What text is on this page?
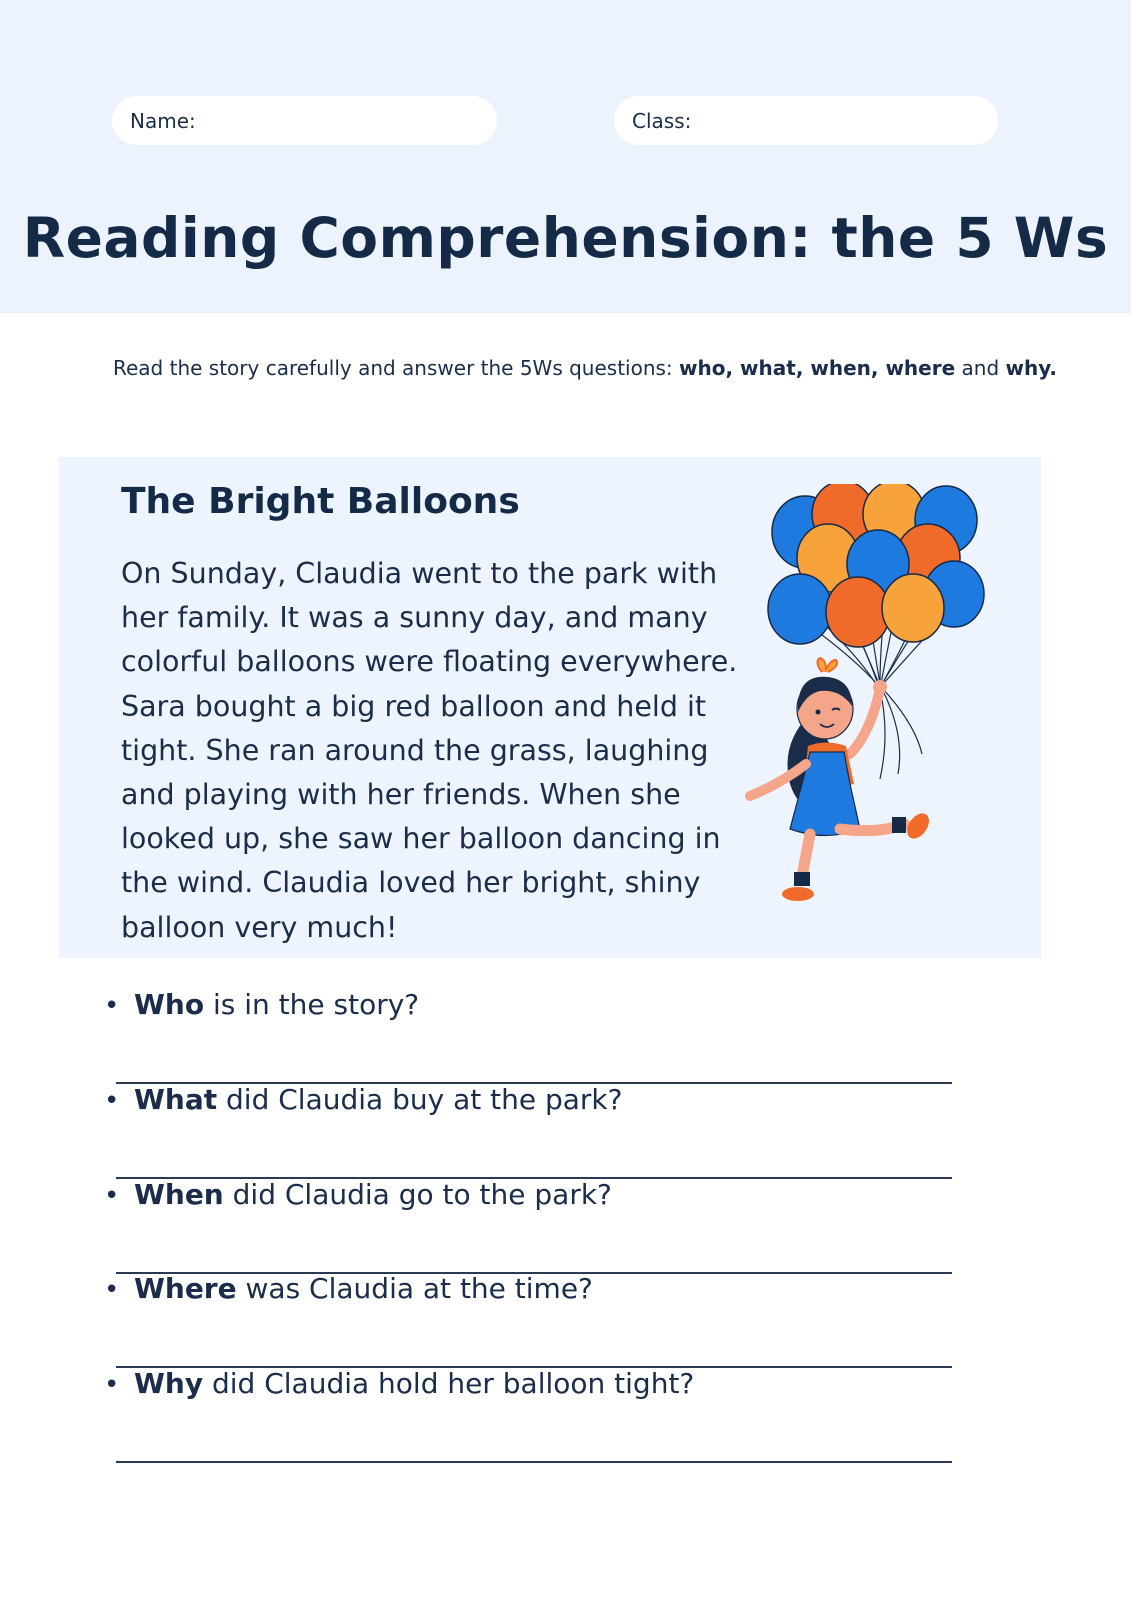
Name:	Class:
Reading Comprehension: the 5 Ws
Read the story carefully and answer the 5Ws questions: who, what, when, where and why.
The Bright Balloons
On Sunday, Claudia went to the park with
her family. It was a sunny day, and many
colorful balloons were floating everywhere.
Sara bought a big red balloon and held it
tight. She ran around the grass, laughing
and playing with her friends. When she
looked up, she saw her balloon dancing in
the wind. Claudia loved her bright, shiny
balloon very much!
• Who is in the story?
• What did Claudia buy at the park?
• When did Claudia go to the park?
• Where was Claudia at the time?
• Why did Claudia hold her balloon tight?
